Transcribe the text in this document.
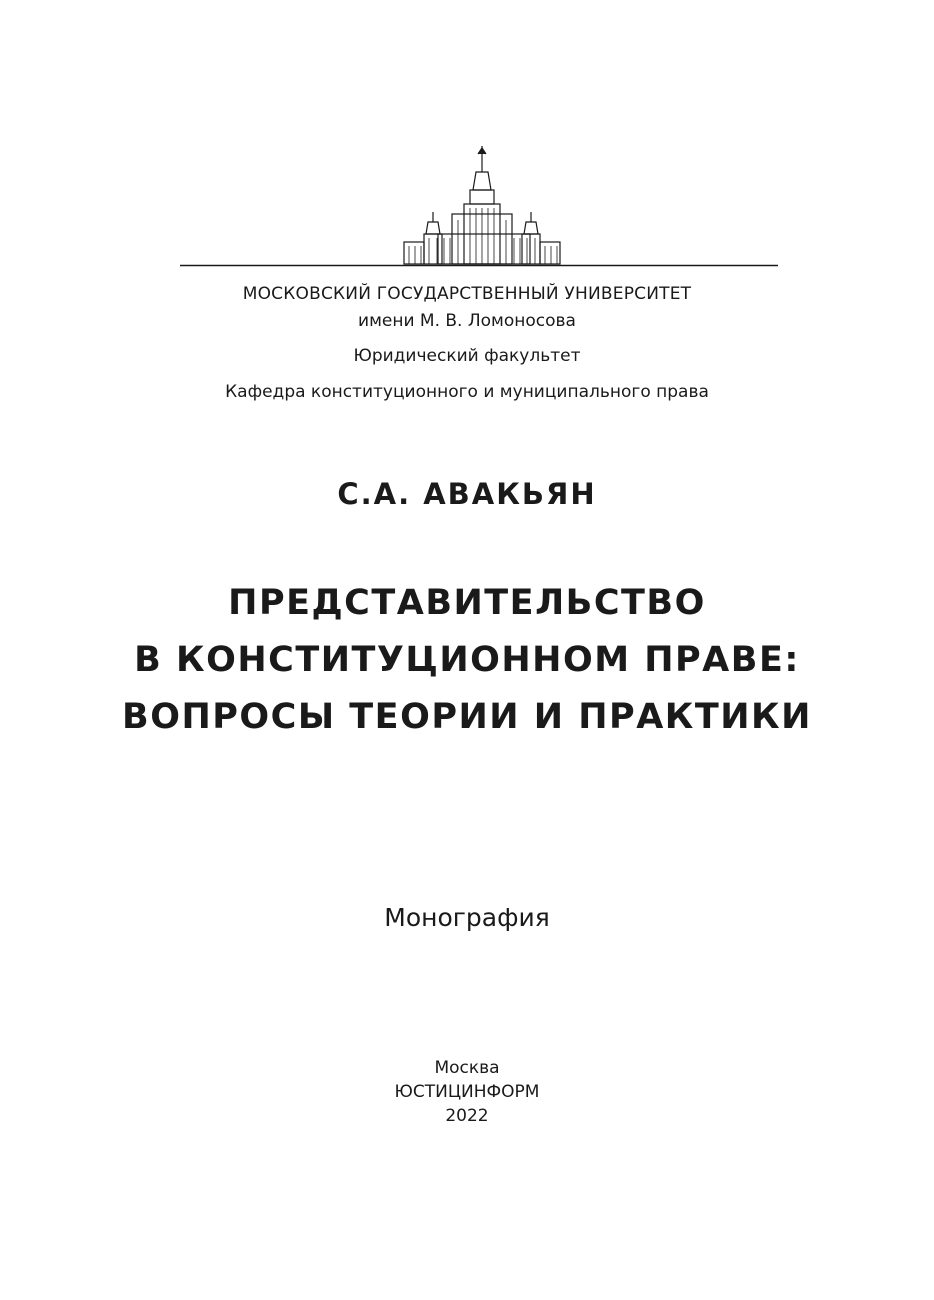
МОСКОВСКИЙ ГОСУДАРСТВЕННЫЙ УНИВЕРСИТЕТ
имени М. В. Ломоносова
Юридический факультет
Кафедра конституционного и муниципального права
С.А. АВАКЬЯН
ПРЕДСТАВИТЕЛЬСТВО
В КОНСТИТУЦИОННОМ ПРАВЕ:
ВОПРОСЫ ТЕОРИИ И ПРАКТИКИ
Монография
Москва
ЮСТИЦИНФОРМ
2022
